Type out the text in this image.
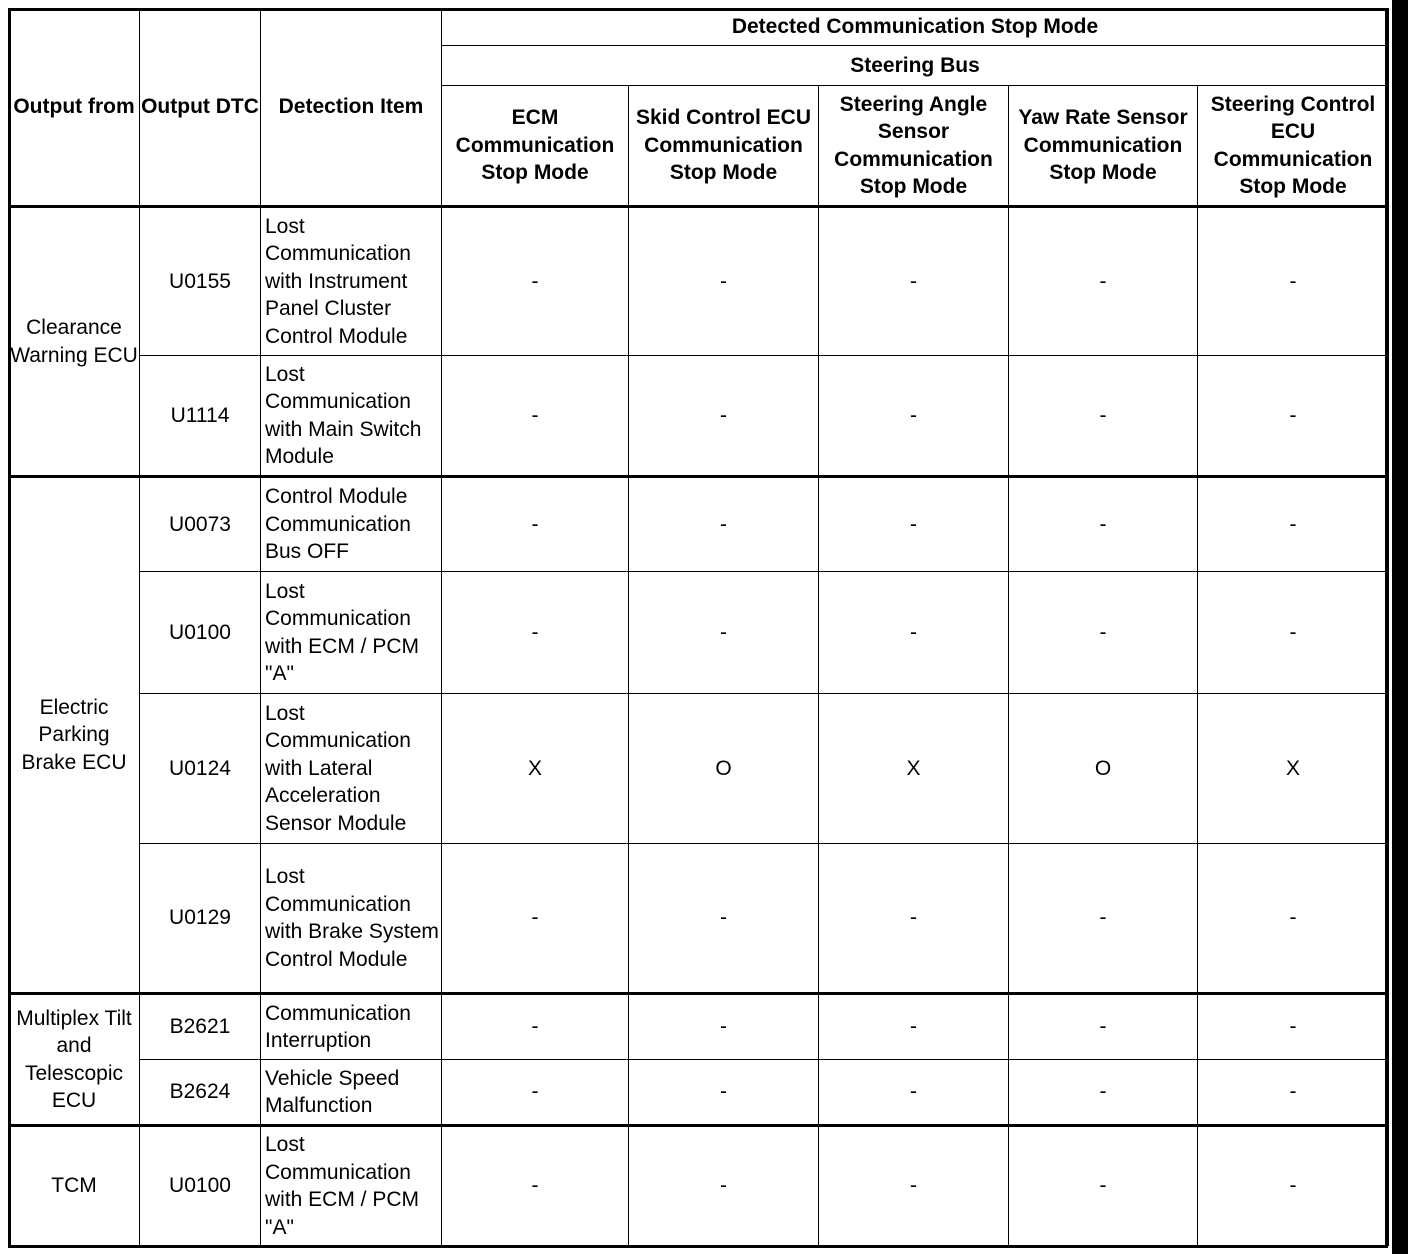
Output from	Output DTC	Detection Item	Detected Communication Stop Mode				
			Steering Bus				
			ECM Communication Stop Mode	Skid Control ECU Communication Stop Mode	Steering Angle Sensor Communication Stop Mode	Yaw Rate Sensor Communication Stop Mode	Steering Control ECU Communication Stop Mode
Clearance Warning ECU	U0155	Lost Communication with Instrument Panel Cluster Control Module	-	-	-	-	-
	U1114	Lost Communication with Main Switch Module	-	-	-	-	-
Electric Parking Brake ECU	U0073	Control Module Communication Bus OFF	-	-	-	-	-
	U0100	Lost Communication with ECM / PCM "A"	-	-	-	-	-
	U0124	Lost Communication with Lateral Acceleration Sensor Module	X	O	X	O	X
	U0129	Lost Communication with Brake System Control Module	-	-	-	-	-
Multiplex Tilt and Telescopic ECU	B2621	Communication Interruption	-	-	-	-	-
	B2624	Vehicle Speed Malfunction	-	-	-	-	-
TCM	U0100	Lost Communication with ECM / PCM "A"	-	-	-	-	-
